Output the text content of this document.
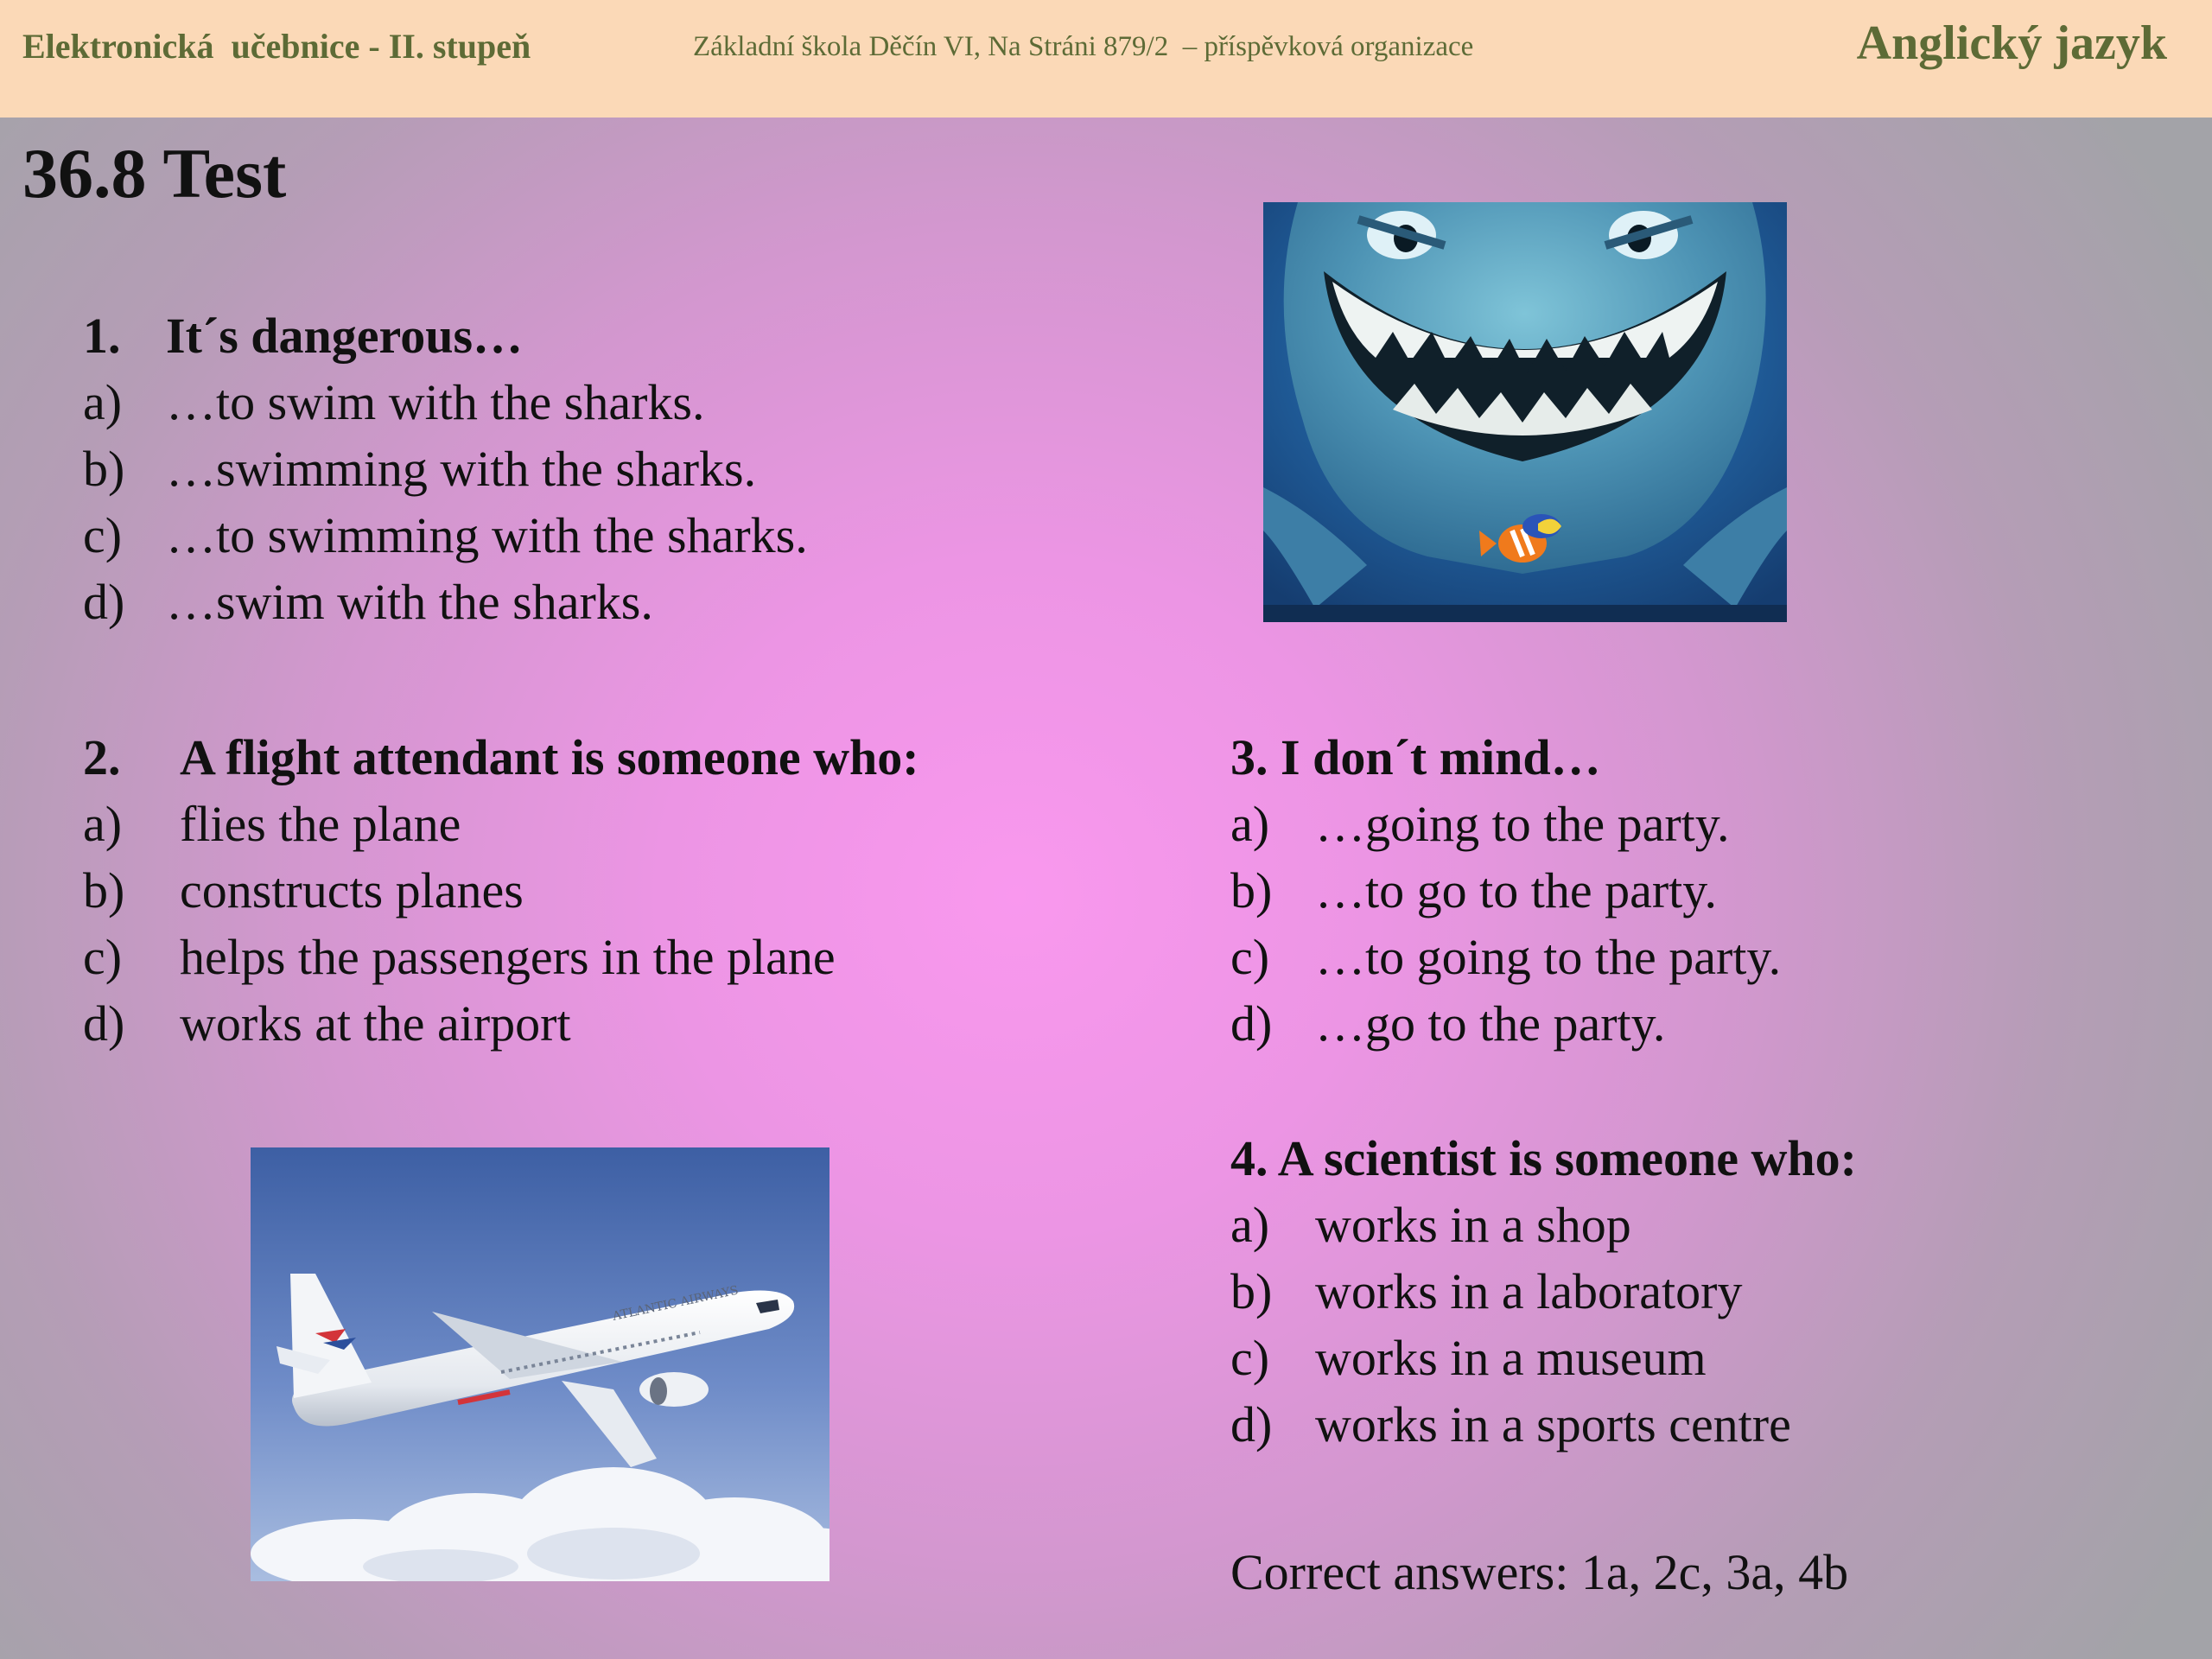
Elektronická  učebnice - II. stupeň	Základní škola Děčín VI, Na Stráni 879/2  – příspěvková organizace	Anglický jazyk
36.8 Test
1. It´s dangerous…
a) …to swim with the sharks.
b) …swimming with the sharks.
c) …to swimming with the sharks.
d) …swim with the sharks.
2. A flight attendant is someone who:
a) flies the plane
b) constructs planes
c) helps the passengers in the plane
d) works at the airport
3. I don´t mind…
a) …going to the party.
b) …to go to the party.
c) …to going to the party.
d) …go to the party.
4. A scientist is someone who:
a) works in a shop
b) works in a laboratory
c) works in a museum
d) works in a sports centre
Correct answers: 1a, 2c, 3a, 4b
ATLANTIC AIRWAYS
